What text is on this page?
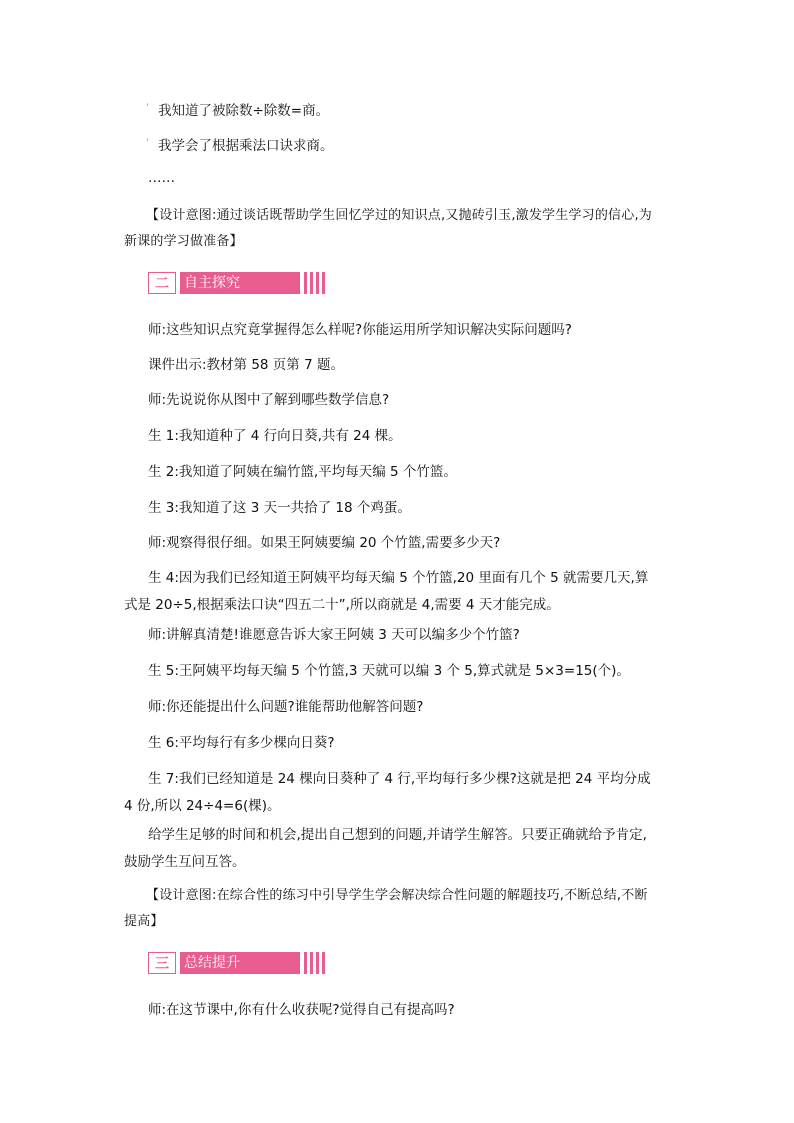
ˈ 我知道了被除数÷除数=商。
ˈ 我学会了根据乘法口诀求商。
……
【设计意图:通过谈话既帮助学生回忆学过的知识点,又抛砖引玉,激发学生学习的信心,为新课的学习做准备】
二	自主探究
师:这些知识点究竟掌握得怎么样呢?你能运用所学知识解决实际问题吗?
课件出示:教材第 58 页第 7 题。
师:先说说你从图中了解到哪些数学信息?
生 1:我知道种了 4 行向日葵,共有 24 棵。
生 2:我知道了阿姨在编竹篮,平均每天编 5 个竹篮。
生 3:我知道了这 3 天一共拾了 18 个鸡蛋。
师:观察得很仔细。如果王阿姨要编 20 个竹篮,需要多少天?
生 4:因为我们已经知道王阿姨平均每天编 5 个竹篮,20 里面有几个 5 就需要几天,算式是 20÷5,根据乘法口诀“四五二十”,所以商就是 4,需要 4 天才能完成。
师:讲解真清楚!谁愿意告诉大家王阿姨 3 天可以编多少个竹篮?
生 5:王阿姨平均每天编 5 个竹篮,3 天就可以编 3 个 5,算式就是 5×3=15(个)。
师:你还能提出什么问题?谁能帮助他解答问题?
生 6:平均每行有多少棵向日葵?
生 7:我们已经知道是 24 棵向日葵种了 4 行,平均每行多少棵?这就是把 24 平均分成 4 份,所以 24÷4=6(棵)。
给学生足够的时间和机会,提出自己想到的问题,并请学生解答。只要正确就给予肯定,鼓励学生互问互答。
【设计意图:在综合性的练习中引导学生学会解决综合性问题的解题技巧,不断总结,不断提高】
三	总结提升
师:在这节课中,你有什么收获呢?觉得自己有提高吗?
